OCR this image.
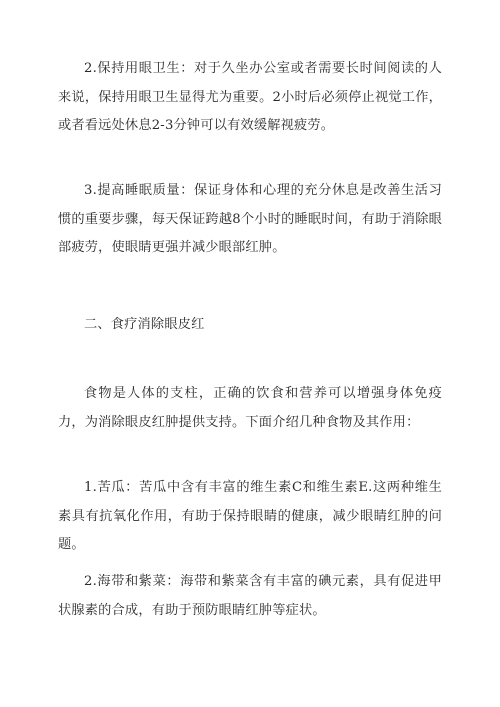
2.保持用眼卫生：对于久坐办公室或者需要长时间阅读的人来说，保持用眼卫生显得尤为重要。2小时后必须停止视觉工作，或者看远处休息2-3分钟可以有效缓解视疲劳。

3.提高睡眠质量：保证身体和心理的充分休息是改善生活习惯的重要步骤，每天保证跨越8个小时的睡眠时间，有助于消除眼部疲劳，使眼睛更强并减少眼部红肿。

二、食疗消除眼皮红

食物是人体的支柱，正确的饮食和营养可以增强身体免疫力，为消除眼皮红肿提供支持。下面介绍几种食物及其作用：

1.苦瓜：苦瓜中含有丰富的维生素C和维生素E.这两种维生素具有抗氧化作用，有助于保持眼睛的健康，减少眼睛红肿的问题。

2.海带和紫菜：海带和紫菜含有丰富的碘元素，具有促进甲状腺素的合成，有助于预防眼睛红肿等症状。
